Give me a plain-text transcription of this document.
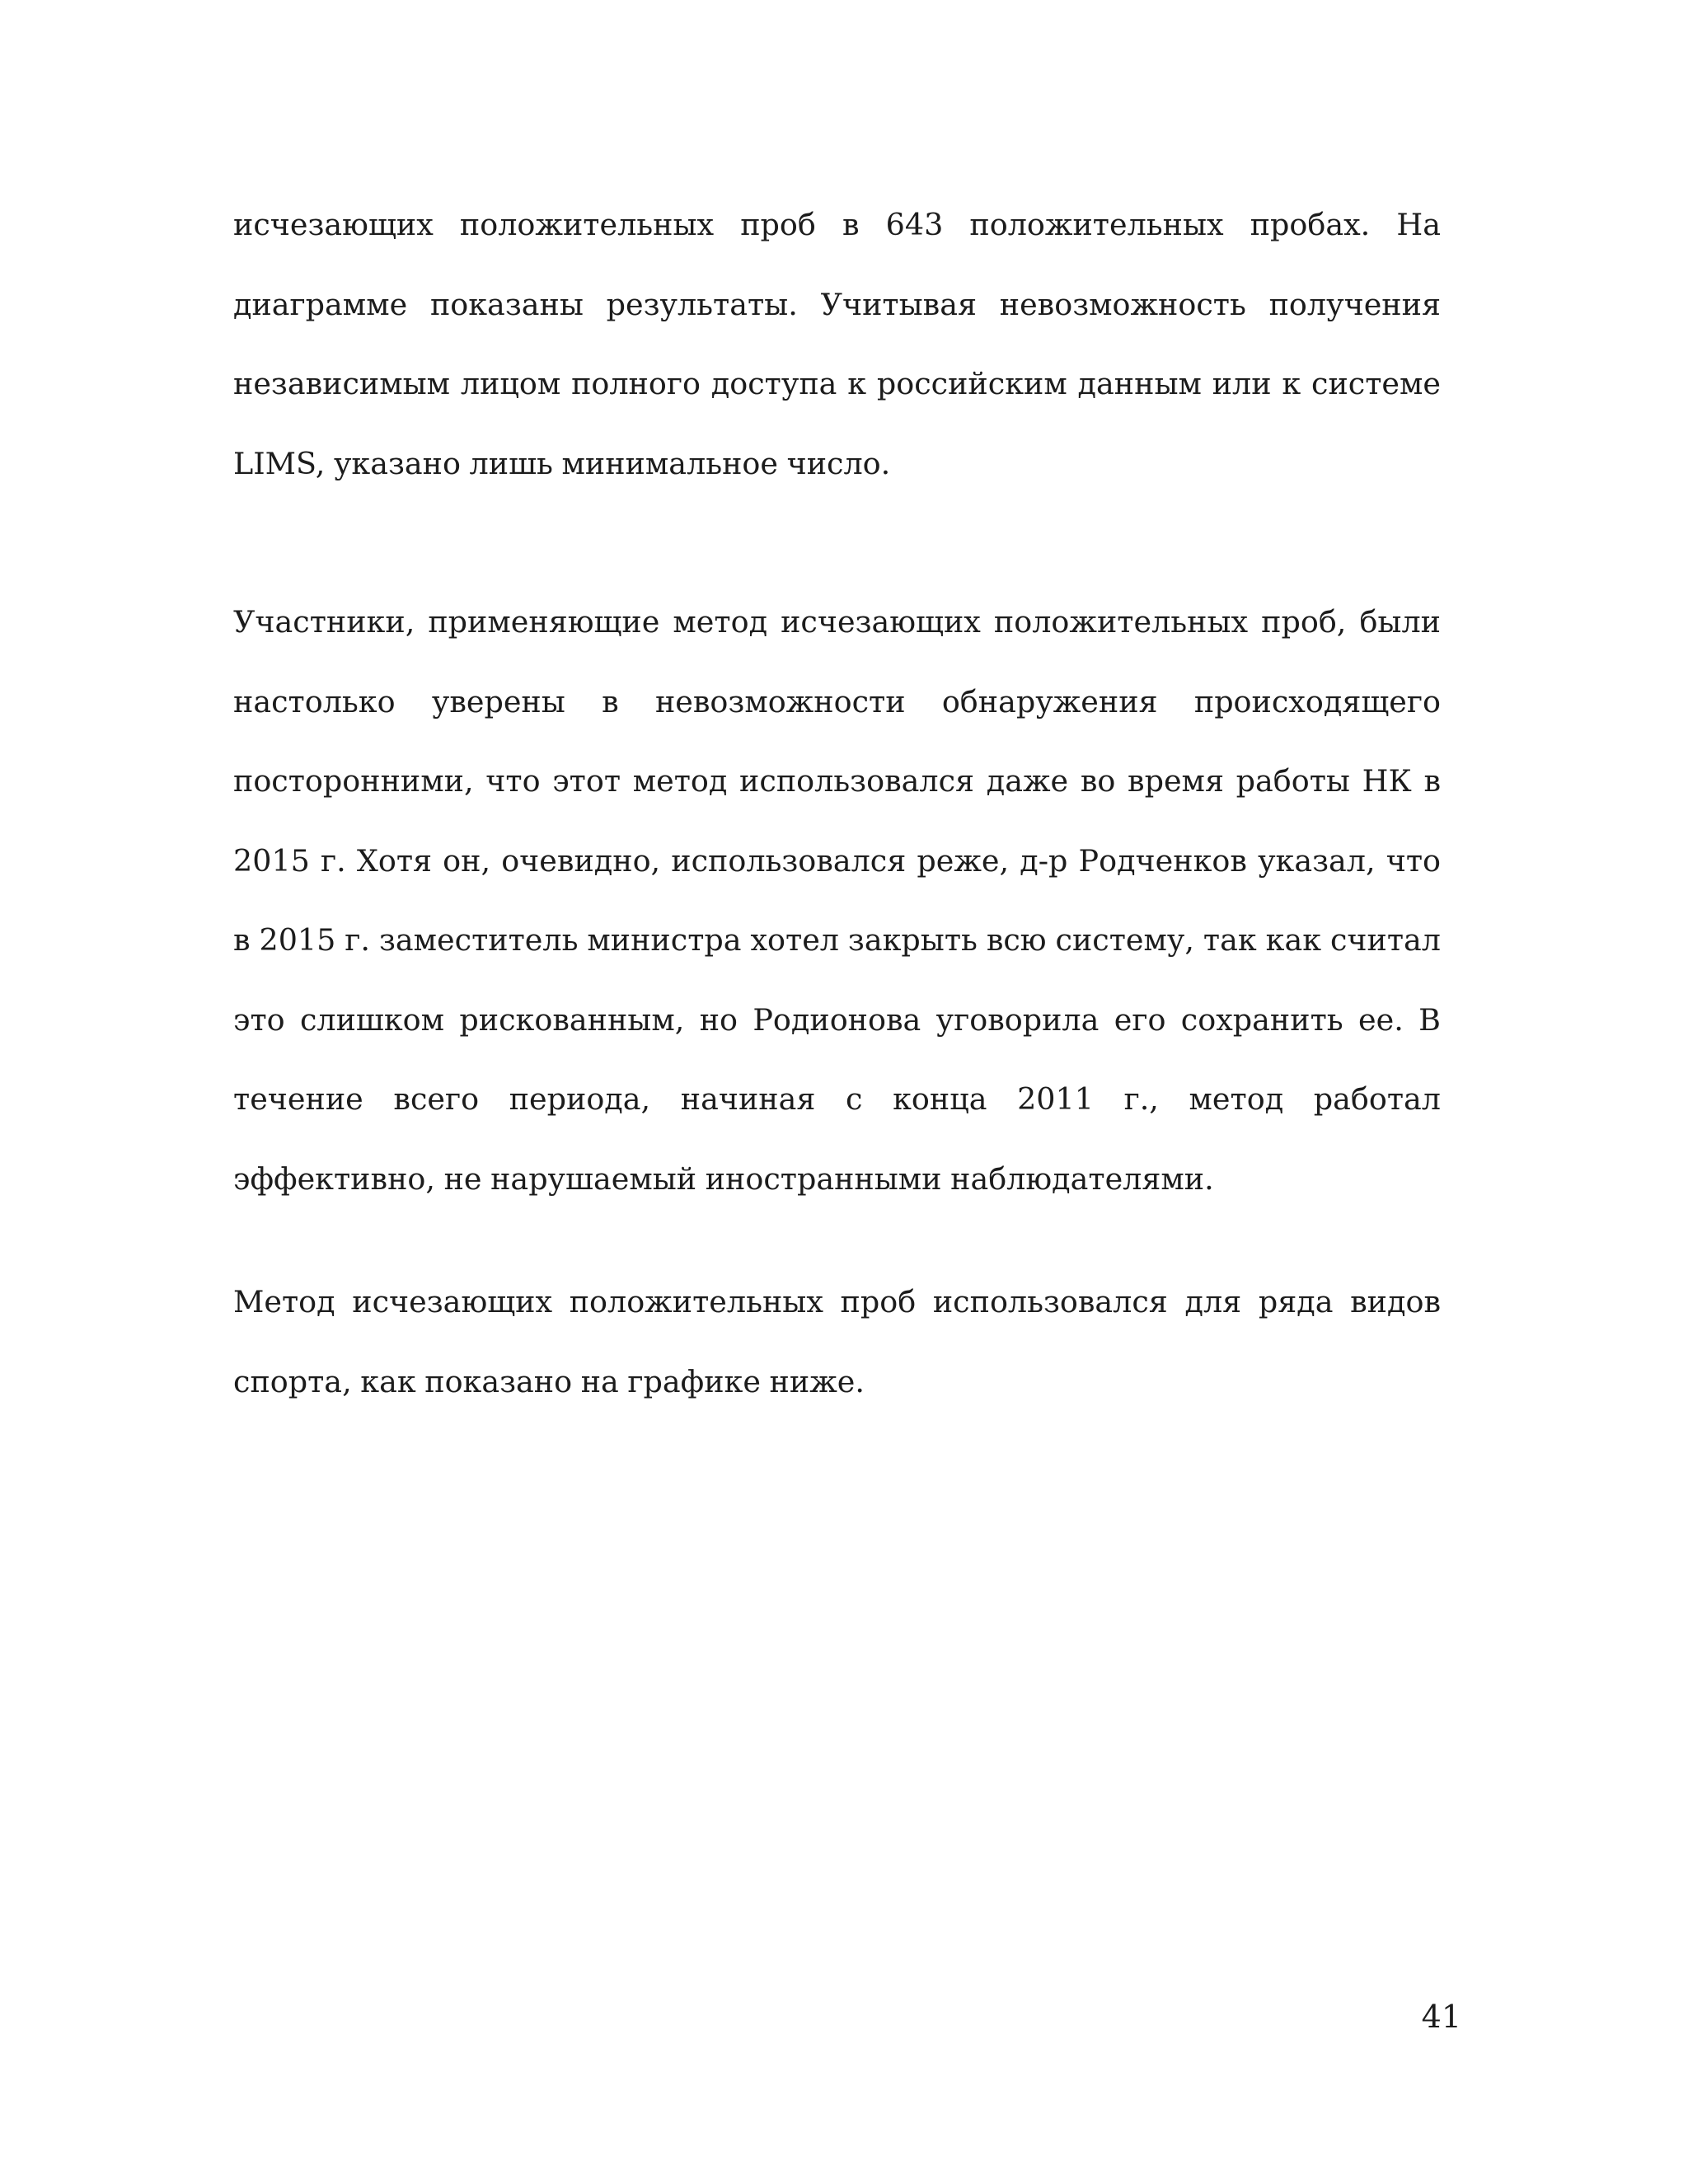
исчезающих положительных проб в 643 положительных пробах. На диаграмме показаны результаты. Учитывая невозможность получения независимым лицом полного доступа к российским данным или к системе LIMS, указано лишь минимальное число.

Участники, применяющие метод исчезающих положительных проб, были настолько уверены в невозможности обнаружения происходящего посторонними, что этот метод использовался даже во время работы НК в 2015 г. Хотя он, очевидно, использовался реже, д-р Родченков указал, что в 2015 г. заместитель министра хотел закрыть всю систему, так как считал это слишком рискованным, но Родионова уговорила его сохранить ее. В течение всего периода, начиная с конца 2011 г., метод работал эффективно, не нарушаемый иностранными наблюдателями.

Метод исчезающих положительных проб использовался для ряда видов спорта, как показано на графике ниже.

41
